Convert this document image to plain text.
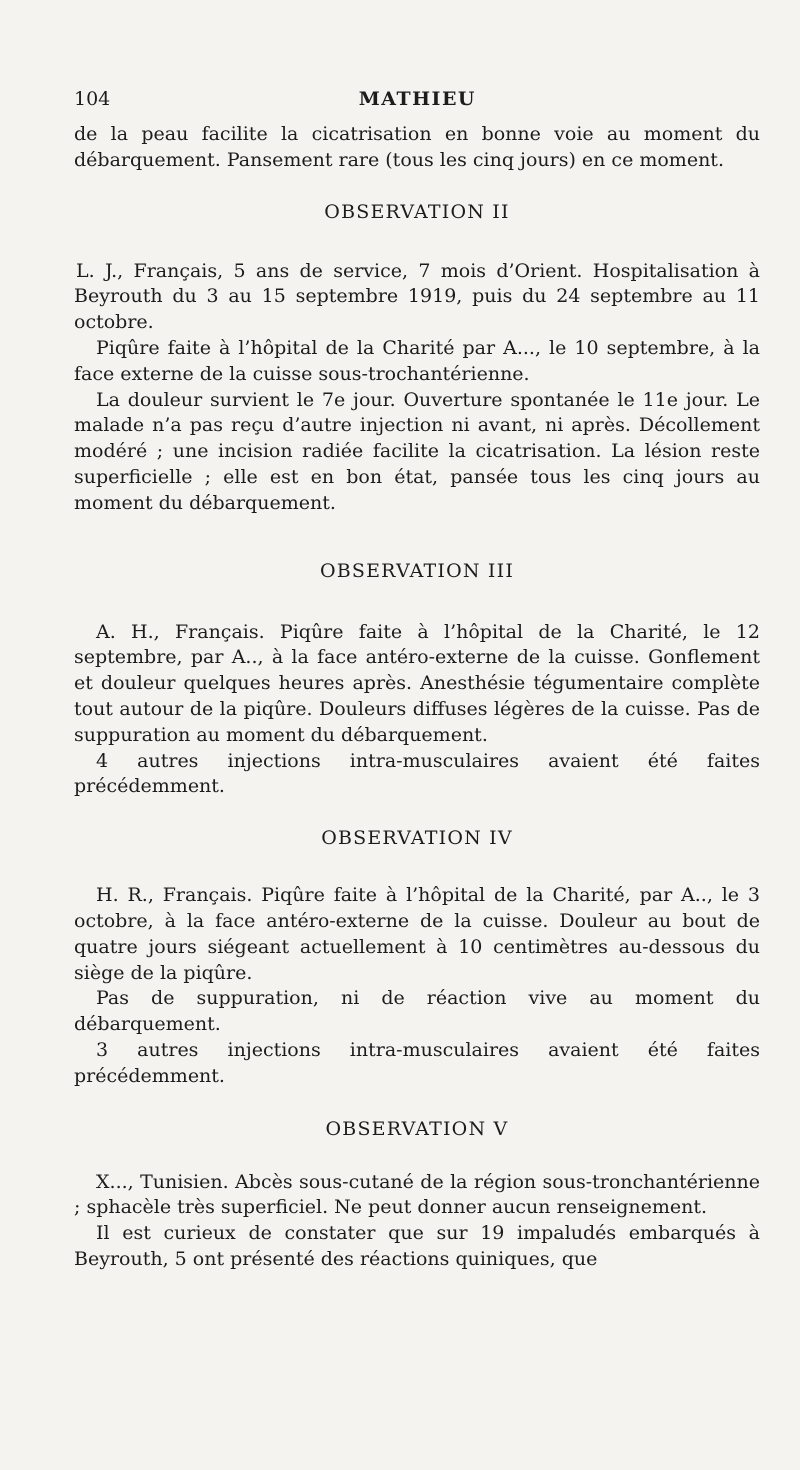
104	MATHIEU

de la peau facilite la cicatrisation en bonne voie au moment du débarquement. Pansement rare (tous les cinq jours) en ce moment.

OBSERVATION II

L. J., Français, 5 ans de service, 7 mois d’Orient. Hospitalisation à Beyrouth du 3 au 15 septembre 1919, puis du 24 septembre au 11 octobre.

Piqûre faite à l’hôpital de la Charité par A..., le 10 septembre, à la face externe de la cuisse sous-trochantérienne.

La douleur survient le 7e jour. Ouverture spontanée le 11e jour. Le malade n’a pas reçu d’autre injection ni avant, ni après. Décollement modéré ; une incision radiée facilite la cicatrisation. La lésion reste superficielle ; elle est en bon état, pansée tous les cinq jours au moment du débarquement.

OBSERVATION III

A. H., Français. Piqûre faite à l’hôpital de la Charité, le 12 septembre, par A.., à la face antéro-externe de la cuisse. Gonflement et douleur quelques heures après. Anesthésie tégumentaire complète tout autour de la piqûre. Douleurs diffuses légères de la cuisse. Pas de suppuration au moment du débarquement.

4 autres injections intra-musculaires avaient été faites précédemment.

OBSERVATION IV

H. R., Français. Piqûre faite à l’hôpital de la Charité, par A.., le 3 octobre, à la face antéro-externe de la cuisse. Douleur au bout de quatre jours siégeant actuellement à 10 centimètres au-dessous du siège de la piqûre.

Pas de suppuration, ni de réaction vive au moment du débarquement.

3 autres injections intra-musculaires avaient été faites précédemment.

OBSERVATION V

X..., Tunisien. Abcès sous-cutané de la région sous-tronchantérienne ; sphacèle très superficiel. Ne peut donner aucun renseignement.

Il est curieux de constater que sur 19 impaludés embarqués à Beyrouth, 5 ont présenté des réactions quiniques, que
